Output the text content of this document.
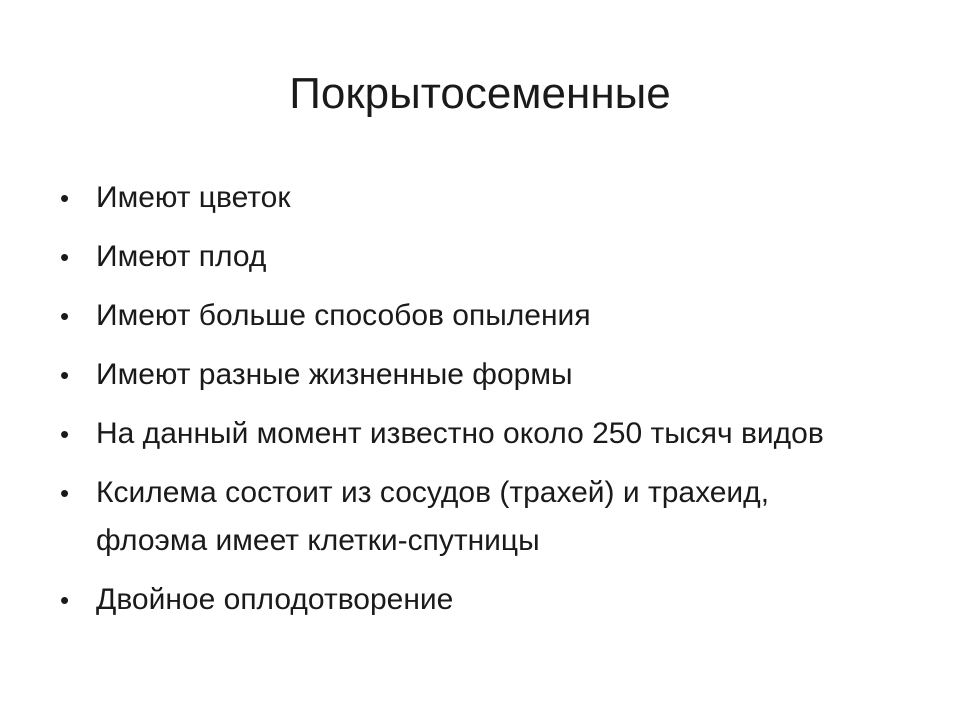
Покрытосеменные
• Имеют цветок
• Имеют плод
• Имеют больше способов опыления
• Имеют разные жизненные формы
• На данный момент известно около 250 тысяч видов
• Ксилема состоит из сосудов (трахей) и трахеид, флоэма имеет клетки-спутницы
• Двойное оплодотворение
